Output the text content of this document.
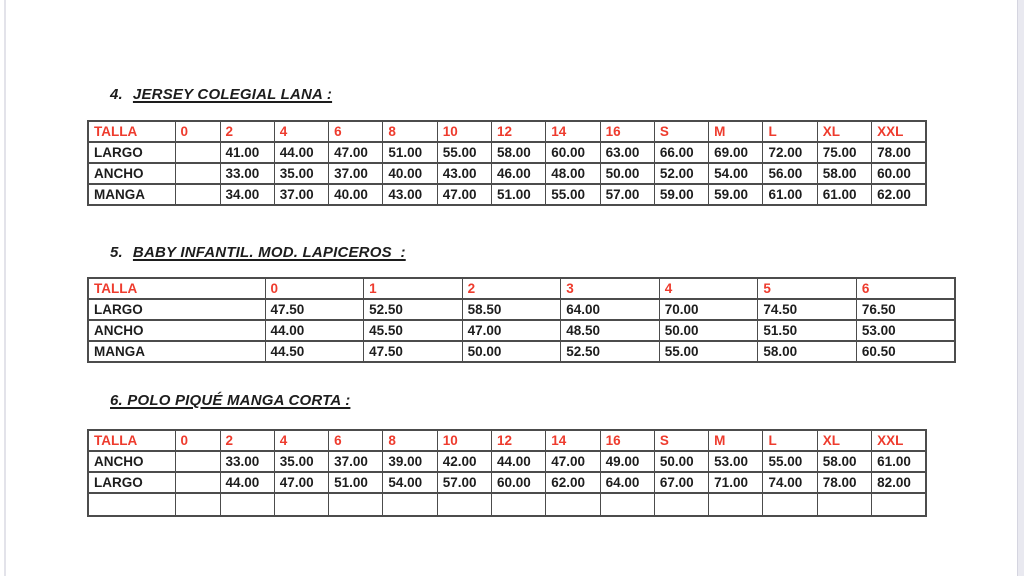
4. JERSEY COLEGIAL LANA :
TALLA	0	2	4	6	8	10	12	14	16	S	M	L	XL	XXL
LARGO		41.00	44.00	47.00	51.00	55.00	58.00	60.00	63.00	66.00	69.00	72.00	75.00	78.00
ANCHO		33.00	35.00	37.00	40.00	43.00	46.00	48.00	50.00	52.00	54.00	56.00	58.00	60.00
MANGA		34.00	37.00	40.00	43.00	47.00	51.00	55.00	57.00	59.00	59.00	61.00	61.00	62.00
5. BABY INFANTIL. MOD. LAPICEROS  :
TALLA	0	1	2	3	4	5	6
LARGO	47.50	52.50	58.50	64.00	70.00	74.50	76.50
ANCHO	44.00	45.50	47.00	48.50	50.00	51.50	53.00
MANGA	44.50	47.50	50.00	52.50	55.00	58.00	60.50
6. POLO PIQUÉ MANGA CORTA :
TALLA	0	2	4	6	8	10	12	14	16	S	M	L	XL	XXL
ANCHO		33.00	35.00	37.00	39.00	42.00	44.00	47.00	49.00	50.00	53.00	55.00	58.00	61.00
LARGO		44.00	47.00	51.00	54.00	57.00	60.00	62.00	64.00	67.00	71.00	74.00	78.00	82.00
